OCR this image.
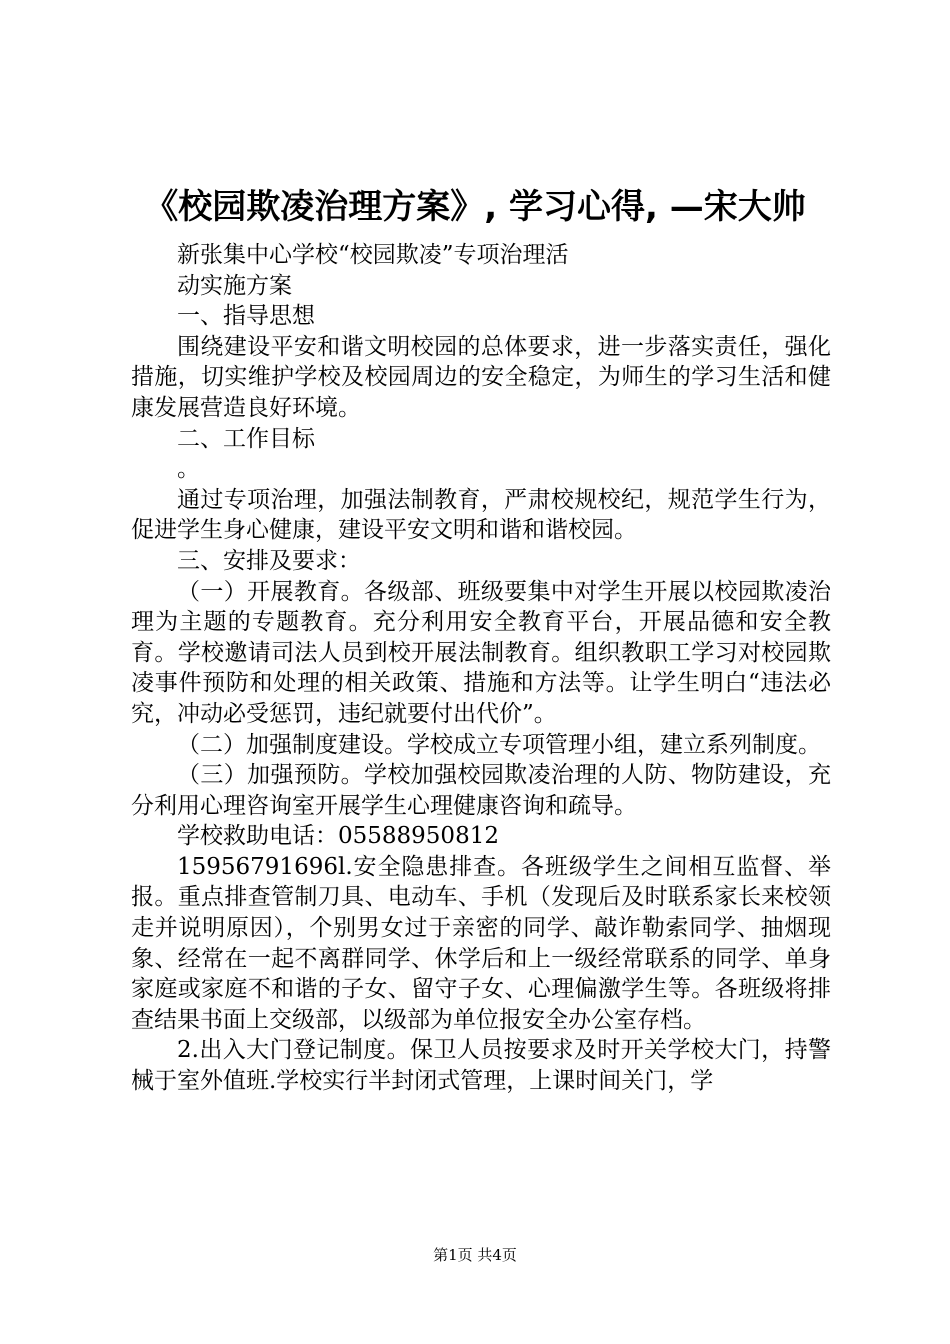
《校园欺凌治理方案》, 学习心得, —宋大帅

新张集中心学校“校园欺凌”专项治理活

动实施方案

一、指导思想

围绕建设平安和谐文明校园的总体要求，进一步落实责任，强化措施，切实维护学校及校园周边的安全稳定，为师生的学习生活和健康发展营造良好环境。

二、工作目标

。

通过专项治理，加强法制教育，严肃校规校纪，规范学生行为，促进学生身心健康，建设平安文明和谐和谐校园。

三、安排及要求：

（一）开展教育。各级部、班级要集中对学生开展以校园欺凌治理为主题的专题教育。充分利用安全教育平台，开展品德和安全教育。学校邀请司法人员到校开展法制教育。组织教职工学习对校园欺凌事件预防和处理的相关政策、措施和方法等。让学生明白“违法必究，冲动必受惩罚，违纪就要付出代价”。

（二）加强制度建设。学校成立专项管理小组，建立系列制度。

（三）加强预防。学校加强校园欺凌治理的人防、物防建设，充分利用心理咨询室开展学生心理健康咨询和疏导。

学校救助电话：05588950812

15956791696l.安全隐患排查。各班级学生之间相互监督、举报。重点排查管制刀具、电动车、手机（发现后及时联系家长来校领走并说明原因），个别男女过于亲密的同学、敲诈勒索同学、抽烟现象、经常在一起不离群同学、休学后和上一级经常联系的同学、单身家庭或家庭不和谐的子女、留守子女、心理偏激学生等。各班级将排查结果书面上交级部，以级部为单位报安全办公室存档。

2.出入大门登记制度。保卫人员按要求及时开关学校大门，持警械于室外值班.学校实行半封闭式管理，上课时间关门，学

第1页 共4页
